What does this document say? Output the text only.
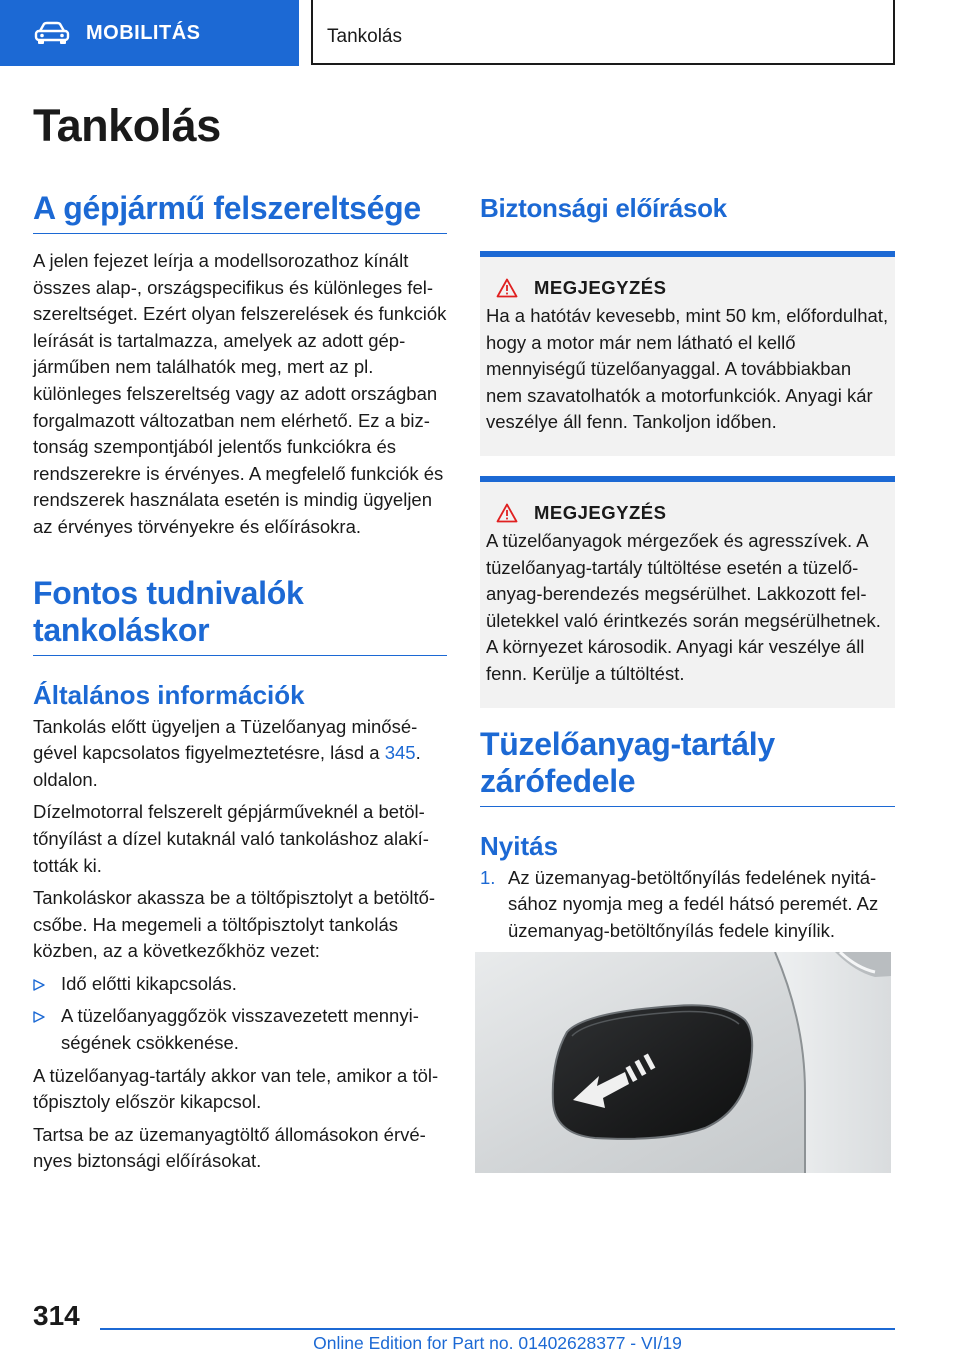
MOBILITÁS	Tankolás
Tankolás
A gépjármű felszereltsége

A jelen fejezet leírja a modellsorozathoz kínált összes alap-, országspecifikus és különleges felszereltséget. Ezért olyan felszerelések és funkciók leírását is tartalmazza, amelyek az adott gépjárműben nem találhatók meg, mert az pl. különleges felszereltség vagy az adott országban forgalmazott változatban nem elérhető. Ez a biztonság szempontjából jelentős funkciókra és rendszerekre is érvényes. A megfelelő funkciók és rendszerek használata esetén is mindig ügyeljen az érvényes törvényekre és előírásokra.

Fontos tudnivalók tankoláskor
Általános információk

Tankolás előtt ügyeljen a Tüzelőanyag minőségével kapcsolatos figyelmeztetésre, lásd a 345. oldalon.

Dízelmotorral felszerelt gépjárműveknél a betöltőnyílást a dízel kutaknál való tankoláshoz alakították ki.

Tankoláskor akassza be a töltőpisztolyt a betöltőcsőbe. Ha megemeli a töltőpisztolyt tankolás közben, az a következőkhöz vezet:

Idő előtti kikapcsolás.
A tüzelőanyaggőzök visszavezetett mennyiségének csökkenése.

A tüzelőanyag-tartály akkor van tele, amikor a töltőpisztoly először kikapcsol.

Tartsa be az üzemanyagtöltő állomásokon érvényes biztonsági előírásokat.

Biztonsági előírások
MEGJEGYZÉS

Ha a hatótáv kevesebb, mint 50 km, előfordulhat, hogy a motor már nem látható el kellő mennyiségű tüzelőanyaggal. A továbbiakban nem szavatolhatók a motorfunkciók. Anyagi kár veszélye áll fenn. Tankoljon időben.

MEGJEGYZÉS

A tüzelőanyagok mérgezőek és agresszívek. A tüzelőanyag-tartály túltöltése esetén a tüzelőanyag-berendezés megsérülhet. Lakkozott felületekkel való érintkezés során megsérülhetnek. A környezet károsodik. Anyagi kár veszélye áll fenn. Kerülje a túltöltést.

Tüzelőanyag-tartály zárófedele
Nyitás
1. Az üzemanyag-betöltőnyílás fedelének nyitásához nyomja meg a fedél hátsó peremét. Az üzemanyag-betöltőnyílás fedele kinyílik.
314
Online Edition for Part no. 01402628377 - VI/19
